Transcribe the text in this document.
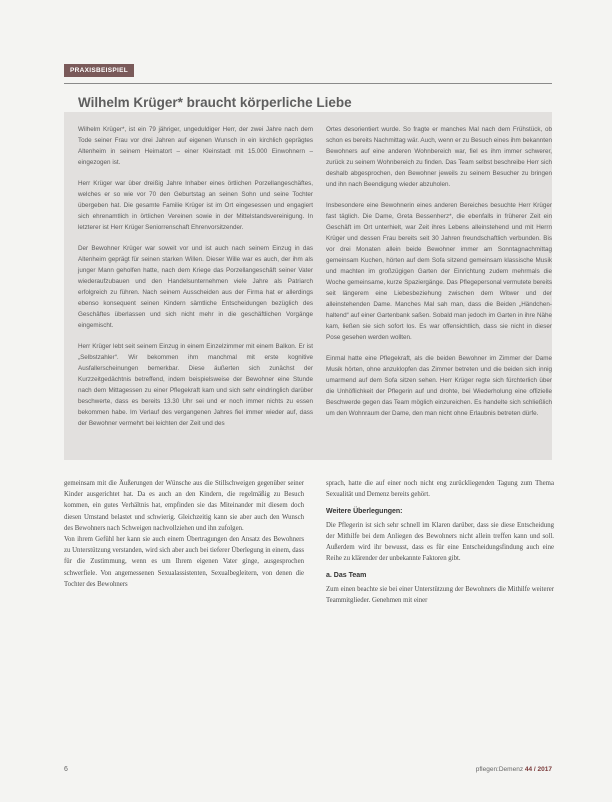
PRAXISBEISPIEL
Wilhelm Krüger* braucht körperliche Liebe

Wilhelm Krüger*, ist ein 79 jähriger, ungeduldiger Herr, der zwei Jahre nach dem Tode seiner Frau vor drei Jahren auf eigenen Wunsch in ein kirchlich geprägtes Altenheim in seinem Heimatort – einer Kleinstadt mit 15.000 Einwohnern – eingezogen ist.

Herr Krüger war über dreißig Jahre Inhaber eines örtlichen Porzellangeschäftes, welches er so wie vor 70 den Geburtstag an seinen Sohn und seine Tochter übergeben hat. Die gesamte Familie Krüger ist im Ort eingesessen und engagiert sich ehrenamtlich in örtlichen Vereinen sowie in der Mittelstandsvereinigung. In letzterer ist Herr Krüger Seniorrenschaft Ehrenvorsitzender.

Der Bewohner Krüger war soweit vor und ist auch nach seinem Einzug in das Altenheim geprägt für seinen starken Willen. Dieser Wille war es auch, der ihm als junger Mann geholfen hatte, nach dem Kriege das Porzellangeschäft seiner Vater wiederaufzubauen und den Handelsunternehmen viele Jahre als Patriarch erfolgreich zu führen. Nach seinem Ausscheiden aus der Firma hat er allerdings ebenso konsequent seinen Kindern sämtliche Entscheidungen bezüglich des Geschäftes überlassen und sich nicht mehr in die geschäftlichen Vorgänge eingemischt.

Herr Krüger lebt seit seinem Einzug in einem Einzelzimmer mit einem Balkon. Er ist „Selbstzahler“. Wir bekommen ihm manchmal mit erste kognitive Ausfallerscheinungen bemerkbar. Diese äußerten sich zunächst der Kurzzeitgedächtnis betreffend, indem beispielsweise der Bewohner eine Stunde nach dem Mittagessen zu einer Pflegekraft kam und sich sehr eindringlich darüber beschwerte, dass es bereits 13.30 Uhr sei und er noch immer nichts zu essen bekommen habe. Im Verlauf des vergangenen Jahres fiel immer wieder auf, dass der Bewohner vermehrt bei leichten der Zeit und des

Ortes desorientiert wurde. So fragte er manches Mal nach dem Frühstück, ob schon es bereits Nachmittag wär. Auch, wenn er zu Besuch eines ihm bekannten Bewohners auf eine anderen Wohnbereich war, fiel es ihm immer schwerer, zurück zu seinem Wohnbereich zu finden. Das Team selbst beschreibe Herr sich deshalb abgesprochen, den Bewohner jeweils zu seinem Besucher zu bringen und ihn nach Beendigung wieder abzuholen.

Insbesondere eine Bewohnerin eines anderen Bereiches besuchte Herr Krüger fast täglich. Die Dame, Greta Bessenherz*, die ebenfalls in früherer Zeit ein Geschäft im Ort unterhielt, war Zeit ihres Lebens alleinstehend und mit Herrn Krüger und dessen Frau bereits seit 30 Jahren freundschaftlich verbunden. Bis vor drei Monaten allein beide Bewohner immer am Sonntagnachmittag gemeinsam Kuchen, hörten auf dem Sofa sitzend gemeinsam klassische Musik und machten im großzügigen Garten der Einrichtung zudem mehrmals die Woche gemeinsame, kurze Spaziergänge. Das Pflegepersonal vermutete bereits seit längerem eine Liebesbeziehung zwischen dem Witwer und der alleinstehenden Dame. Manches Mal sah man, dass die Beiden „Händchen-haltend“ auf einer Gartenbank saßen. Sobald man jedoch im Garten in ihre Nähe kam, ließen sie sich sofort los. Es war offensichtlich, dass sie nicht in dieser Pose gesehen werden wollten.

Einmal hatte eine Pflegekraft, als die beiden Bewohner im Zimmer der Dame Musik hörten, ohne anzuklopfen das Zimmer betreten und die beiden sich innig umarmend auf dem Sofa sitzen sehen. Herr Krüger regte sich fürchterlich über die Unhöflichkeit der Pflegerin auf und drohte, bei Wiederholung eine offizielle Beschwerde gegen das Team möglich einzureichen. Es handelte sich schließlich um den Wohnraum der Dame, den man nicht ohne Erlaubnis betreten dürfe.

gemeinsam mit die Äußerungen der Wünsche aus die Stillschweigen gegenüber seiner Kinder ausgerichtet hat. Da es auch an den Kindern, die regelmäßig zu Besuch kommen, ein gutes Verhältnis hat, empfinden sie das Miteinander mit diesem doch diesen Umstand belastet und schwierig. Gleichzeitig kann sie aber auch den Wunsch des Bewohners nach Schweigen nachvollziehen und ihn zufolgen.

Von ihrem Gefühl her kann sie auch einem Übertragungen den Ansatz des Bewohners zu Unterstützung verstanden, wird sich aber auch bei tieferer Überlegung in einem, dass für die Zustimmung, wenn es um Ihrem eigenen Vater ginge, ausgesprochen schwerfiele. Von angemessenen Sexualassistenten, Sexualbegleitern, von denen die Tochter des Bewohners

sprach, hatte die auf einer noch nicht eng zurückliegenden Tagung zum Thema Sexualität und Demenz bereits gehört.

Weitere Überlegungen:

Die Pflegerin ist sich sehr schnell im Klaren darüber, dass sie diese Entscheidung der Mithilfe bei dem Anliegen des Bewohners nicht allein treffen kann und soll. Außerdem wird ihr bewusst, dass es für eine Entscheidungsfindung auch eine Reihe zu klärender der unbekannte Faktoren gibt.

a. Das Team

Zum einen beachte sie bei einer Unterstützung der Bewohners die Mithilfe weiterer Teammitglieder. Genehmen mit einer

6	pflegen:Demenz 44 / 2017
